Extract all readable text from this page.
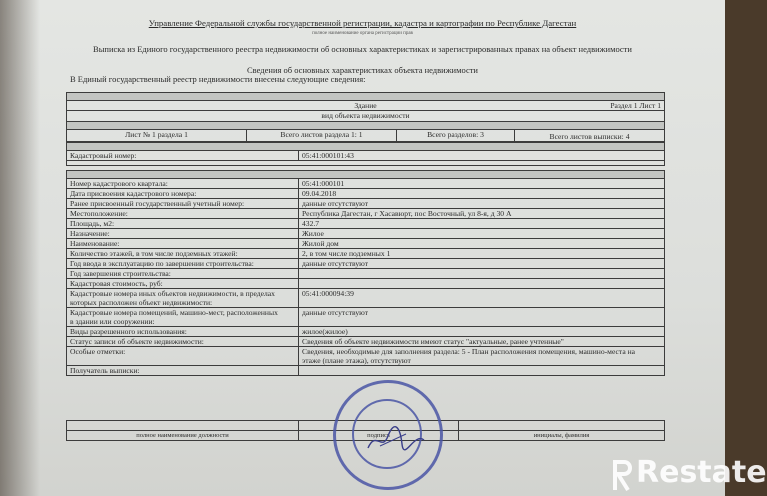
Управление Федеральной службы государственной регистрации, кадастра и картографии по Республике Дагестан
полное наименование органа регистрации прав
Выписка из Единого государственного реестра недвижимости об основных характеристиках и зарегистрированных правах на объект недвижимости
Сведения об основных характеристиках объекта недвижимости
В Единый государственный реестр недвижимости внесены следующие сведения:

Здание	Раздел 1 Лист 1

вид объекта недвижимости

Лист № 1 раздела 1	Всего листов раздела 1: 1	Всего разделов: 3	Всего листов выписки: 4

Кадастровый номер:	05:41:000101:43

Номер кадастрового квартала:	05:41:000101

Дата присвоения кадастрового номера:	09.04.2018

Ранее присвоенный государственный учетный номер:	данные отсутствуют

Местоположение:	Республика Дагестан, г Хасавюрт, пос Восточный, ул 8-я, д 30 А

Площадь, м2:	432.7

Назначение:	Жилое

Наименование:	Жилой дом

Количество этажей, в том числе подземных этажей:	2, в том числе подземных 1

Год ввода в эксплуатацию по завершении строительства:	данные отсутствуют

Год завершения строительства:	

Кадастровая стоимость, руб:	

Кадастровые номера иных объектов недвижимости, в пределах
которых расположен объект недвижимости:	05:41:000094:39

Кадастровые номера помещений, машино-мест, расположенных
в здании или сооружении:	данные отсутствуют

Виды разрешенного использования:	жилое(жилое)

Статус записи об объекте недвижимости:	Сведения об объекте недвижимости имеют статус "актуальные, ранее учтенные"

Особые отметки:	Сведения, необходимые для заполнения раздела: 5 - План расположения помещения, машино-места на
этаже (плане этажа), отсутствуют

Получатель выписки:	

полное наименование должности	подпись	инициалы, фамилия
Restate
